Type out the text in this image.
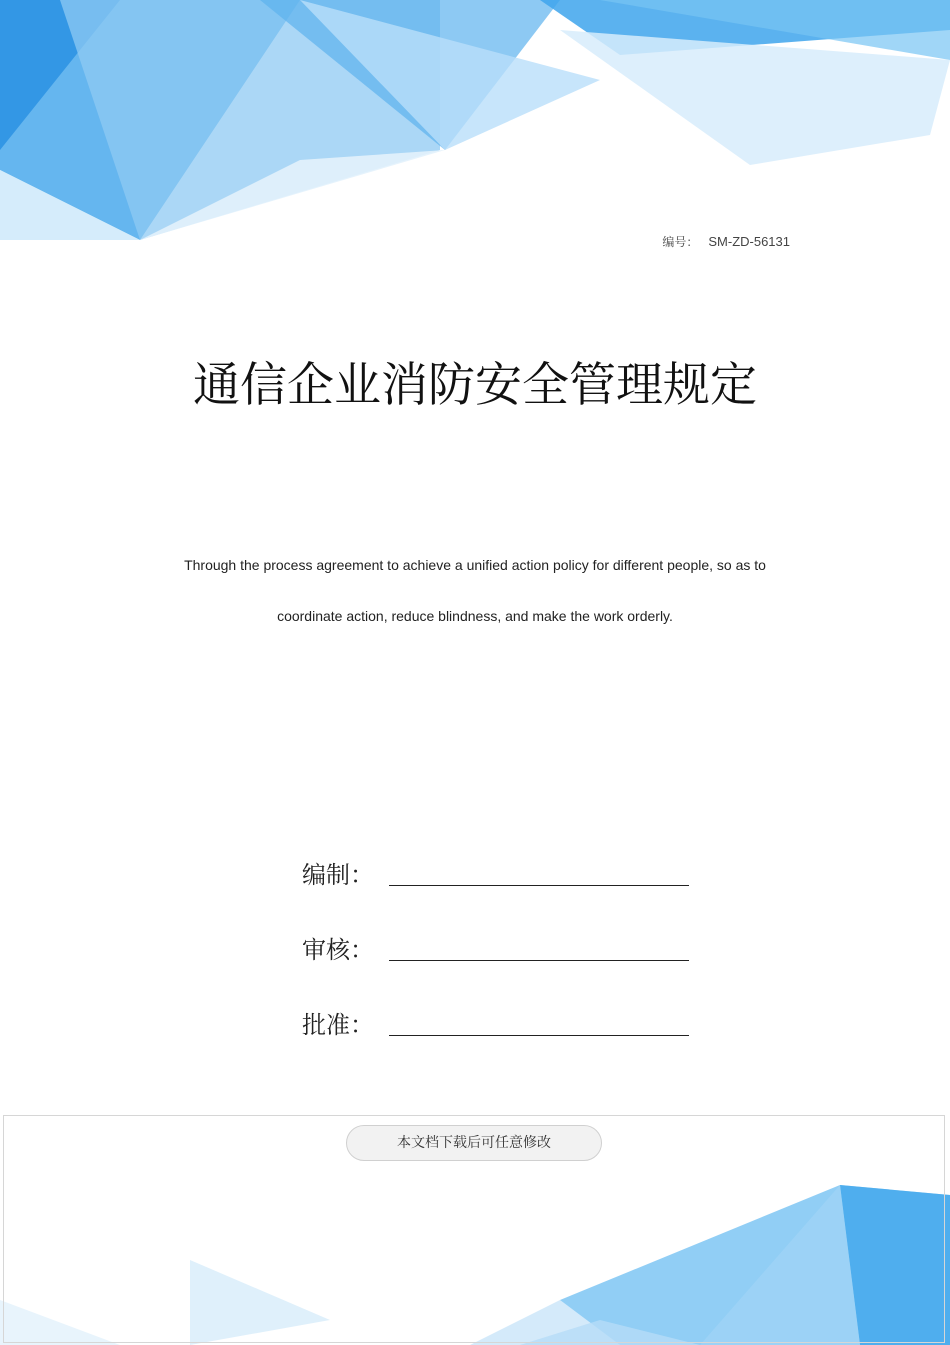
编号： SM-ZD-56131
通信企业消防安全管理规定
Through the process agreement to achieve a unified action policy for different people, so as to
coordinate action, reduce blindness, and make the work orderly.
编制：
审核：
批准：
本文档下载后可任意修改
